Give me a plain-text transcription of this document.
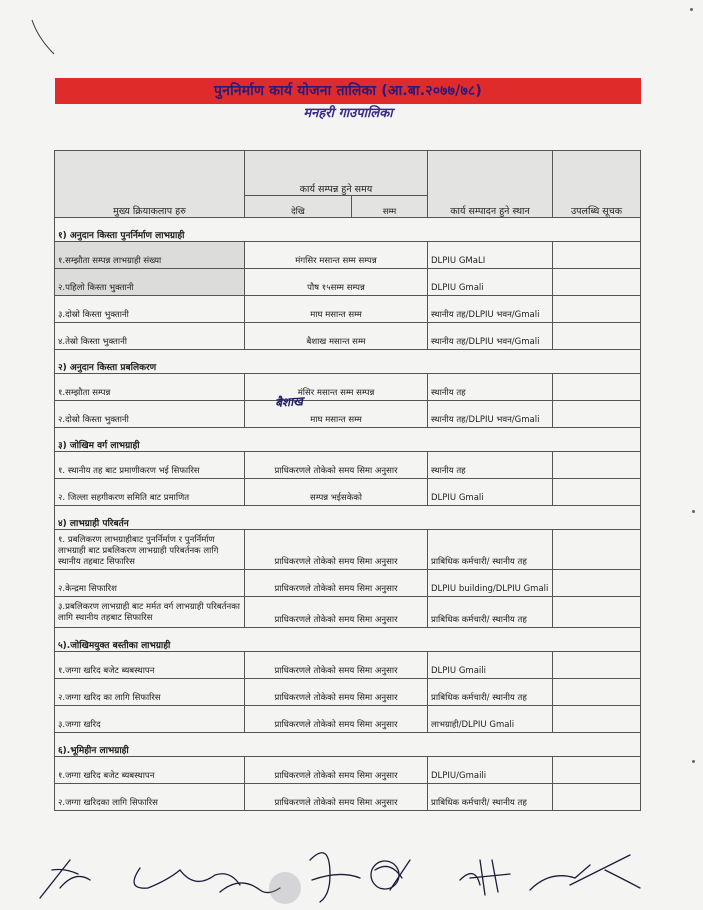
पुननिर्माण कार्य योजना तालिका (आ.बा.२०७७/७८)
मनहरी गाउपालिका
मुख्य क्रियाकलाप हरु	कार्य सम्पन्न हुने समय		कार्य सम्पादन हुने स्थान	उपलब्धि सूचक
	देखि	सम्म		
१) अनुदान किस्ता पुनर्निर्माण लाभग्राही				
१.सम्झौता सम्पन्न लाभग्राही संख्या	मंगसिर मसान्त सम्म सम्पन्न		DLPIU GMaLI	
२.पहिलो किस्ता भुक्तानी	पौष १५सम्म सम्पन्न		DLPIU Gmali	
३.दोस्रो किस्ता भुक्तानी	माघ मसान्त सम्म		स्थानीय तह/DLPIU भवन/Gmali	
४.तेस्रो किस्ता भुक्तानी	बैशाख मसान्त सम्म		स्थानीय तह/DLPIU भवन/Gmali	
२) अनुदान किस्ता प्रबलिकरण				
१.सम्झौता सम्पन्न	मंसिर मसान्त सम्म सम्पन्न		स्थानीय तह	
२.दोस्रो किस्ता भुक्तानी	माघ मसान्त सम्म		स्थानीय तह/DLPIU भवन/Gmali	
३) जोखिम वर्ग लाभग्राही				
१. स्थानीय तह बाट प्रमाणीकरण भई सिफारिस	प्राधिकरणले तोकेको समय सिमा अनुसार		स्थानीय तह	
२. जिल्ला सहगीकरण समिति बाट प्रमाणित	सम्पन्न भईसकेको		DLPIU Gmali	
४) लाभग्राही परिबर्तन				
१. प्रबलिकरण लाभग्राहीबाट पुनर्निर्माण र पुनर्निर्माण लाभग्राही बाट प्रबलिकरण लाभग्राही परिबर्तनक लागि स्थानीय तहबाट सिफारिस	प्राधिकरणले तोकेको समय सिमा अनुसार		प्राबिधिक कर्मचारी/ स्थानीय तह	
२.केन्द्रमा सिफारिश	प्राधिकरणले तोकेको समय सिमा अनुसार		DLPIU building/DLPIU Gmali	
३.प्रबलिकरण लाभग्राही बाट मर्मत वर्ग लाभग्राही परिबर्तनका लागि स्थानीय तहबाट सिफारिस	प्राधिकरणले तोकेको समय सिमा अनुसार		प्राबिधिक कर्मचारी/ स्थानीय तह	
५).जोखिमयुक्त बस्तीका लाभग्राही				
१.जग्गा खरिद बजेट ब्यबस्थापन	प्राधिकरणले तोकेको समय सिमा अनुसार		DLPIU Gmaili	
२.जग्गा खरिद का लागि सिफारिस	प्राधिकरणले तोकेको समय सिमा अनुसार		प्राबिधिक कर्मचारी/ स्थानीय तह	
३.जग्गा खरिद	प्राधिकरणले तोकेको समय सिमा अनुसार		लाभग्राही/DLPIU Gmali	
६).भूमिहीन लाभग्राही				
१.जग्गा खरिद बजेट ब्यबस्थापन	प्राधिकरणले तोकेको समय सिमा अनुसार		DLPIU/Gmaili	
२.जग्गा खरिदका लागि सिफारिस	प्राधिकरणले तोकेको समय सिमा अनुसार		प्राबिधिक कर्मचारी/ स्थानीय तह	
बैशाख
